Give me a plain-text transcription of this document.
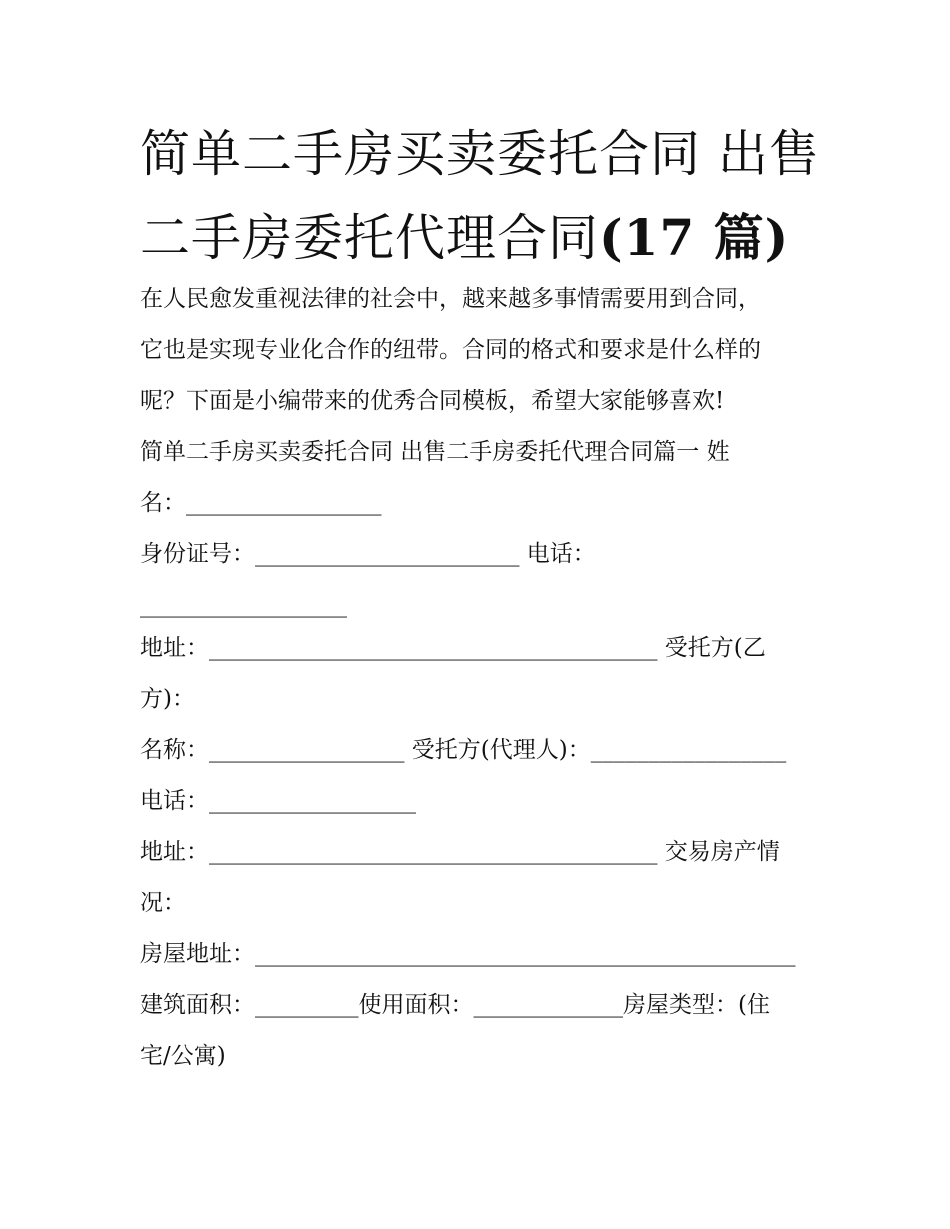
简单二手房买卖委托合同 出售
二手房委托代理合同(17 篇)
在人民愈发重视法律的社会中，越来越多事情需要用到合同，
它也是实现专业化合作的纽带。合同的格式和要求是什么样的
呢？下面是小编带来的优秀合同模板，希望大家能够喜欢!
简单二手房买卖委托合同 出售二手房委托代理合同篇一 姓
名：_________________
身份证号：_______________________ 电话：
__________________
地址：_______________________________________ 受托方(乙
方)：
名称：_________________ 受托方(代理人)：_________________
电话：__________________
地址：_______________________________________ 交易房产情
况：
房屋地址：_______________________________________________
建筑面积：_________使用面积：_____________房屋类型：(住
宅/公寓)
